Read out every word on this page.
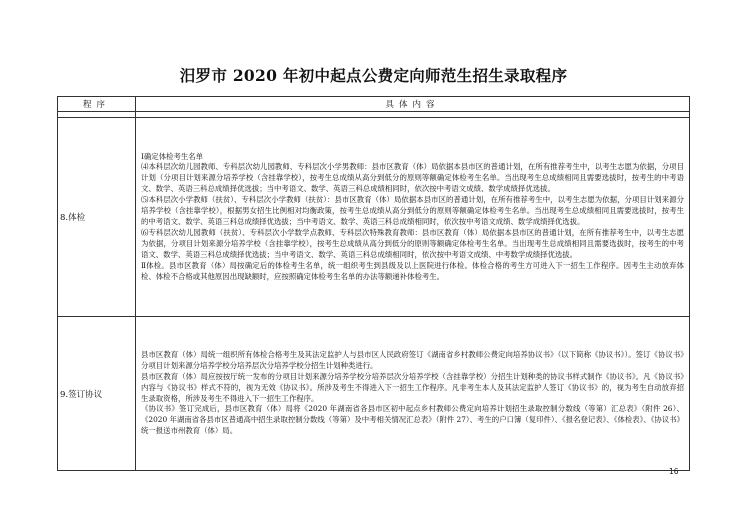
汨罗市 2020 年初中起点公费定向师范生招生录取程序
程序	具体内容

8.体检	Ⅰ确定体检考生名单
⑷本科层次幼儿园教师、专科层次幼儿园教师、专科层次小学男教师：县市区教育（体）局依据本县市区的普通计划，在所有推荐考生中，以考生志愿为依据，分项目计划（分项目计划来源分培养学校（含挂靠学校），按考生总成绩从高分到低分的原则等额确定体检考生名单。当出现考生总成绩相同且需要选拔时，按考生的中考语文、数学、英语三科总成绩择优选拔；当中考语文、数学、英语三科总成绩相同时，依次按中考语文成绩、数学成绩择优选拔。
⑸本科层次小学教师（扶贫）、专科层次小学教师（扶贫）：县市区教育（体）局依据本县市区的普通计划，在所有推荐考生中，以考生志愿为依据，分项目计划来源分培养学校（含挂靠学校），根据男女招生比例相对均衡政策，按考生总成绩从高分到低分的原则等额确定体检考生名单。当出现考生总成绩相同且需要选拔时，按考生的中考语文、数学、英语三科总成绩择优选拔；当中考语文、数学、英语三科总成绩相同时，依次按中考语文成绩、数学成绩择优选拔。
⑹专科层次幼儿园教师（扶贫）、专科层次小学数学点教师、专科层次特殊教育教师：县市区教育（体）局依据本县市区的普通计划，在所有推荐考生中，以考生志愿为依据，分项目计划来源分培养学校（含挂靠学校），按考生总成绩从高分到低分的原则等额确定体检考生名单。当出现考生总成绩相同且需要选拔时，按考生的中考语文、数学、英语三科总成绩择优选拔；当中考语文、数学、英语三科总成绩相同时，依次按中考语文成绩、中考数学成绩择优选拔。
Ⅱ体检。县市区教育（体）局按确定后的体检考生名单，统一组织考生到县级及以上医院进行体检。体检合格的考生方可进入下一招生工作程序。因考生主动放弃体检、体检不合格或其他原因出现缺额时，应按照确定体检考生名单的办法等额递补体检考生。

9.签订协议	县市区教育（体）局统一组织所有体检合格考生及其法定监护人与县市区人民政府签订《湖南省乡村教师公费定向培养协议书》（以下简称《协议书》）。签订《协议书》分项目计划来源分培养学校分培养层次分培养学校分招生计划种类进行。
县市区教育（体）局应按按厅统一发布的分项目计划来源分培养学校分培养层次分培养学校（含挂靠学校）分招生计划种类的协议书样式制作《协议书》。凡《协议书》内容与《协议书》样式不符的，视为无效《协议书》。所涉及考生不得进入下一招生工作程序。凡非考生本人及其法定监护人签订《协议书》的，视为考生自动放弃招生录取资格，所涉及考生不得进入下一招生工作程序。
《协议书》签订完成后，县市区教育（体）局将《2020 年湖南省各县市区初中起点乡村教师公费定向培养计划招生录取控制分数线（等第）汇总表》（附件 26）、《2020 年湖南省各县市区普通高中招生录取控制分数线（等第）及中考相关情况汇总表》（附件 27）、考生的户口簿（复印件）、《报名登记表》、《体检表》、《协议书》统一报送市州教育（体）局。
16
